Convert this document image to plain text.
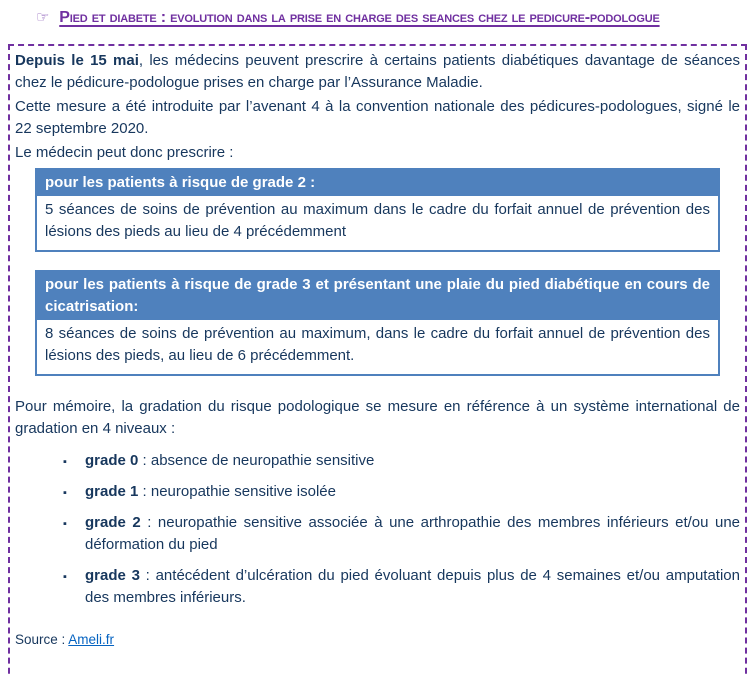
☞ Pied et diabete : evolution dans la prise en charge des seances chez le pedicure-podologue

Depuis le 15 mai, les médecins peuvent prescrire à certains patients diabétiques davantage de séances chez le pédicure-podologue prises en charge par l’Assurance Maladie.

Cette mesure a été introduite par l’avenant 4 à la convention nationale des pédicures-podologues, signé le 22 septembre 2020.

Le médecin peut donc prescrire :

pour les patients à risque de grade 2 :
5 séances de soins de prévention au maximum dans le cadre du forfait annuel de prévention des lésions des pieds au lieu de 4 précédemment
pour les patients à risque de grade 3 et présentant une plaie du pied diabétique en cours de cicatrisation:
8 séances de soins de prévention au maximum, dans le cadre du forfait annuel de prévention des lésions des pieds, au lieu de 6 précédemment.

Pour mémoire, la gradation du risque podologique se mesure en référence à un système international de gradation en 4 niveaux :

▪ grade 0 : absence de neuropathie sensitive
▪ grade 1 : neuropathie sensitive isolée
▪ grade 2 : neuropathie sensitive associée à une arthropathie des membres inférieurs et/ou une déformation du pied
▪ grade 3 : antécédent d’ulcération du pied évoluant depuis plus de 4 semaines et/ou amputation des membres inférieurs.
Source : Ameli.fr
